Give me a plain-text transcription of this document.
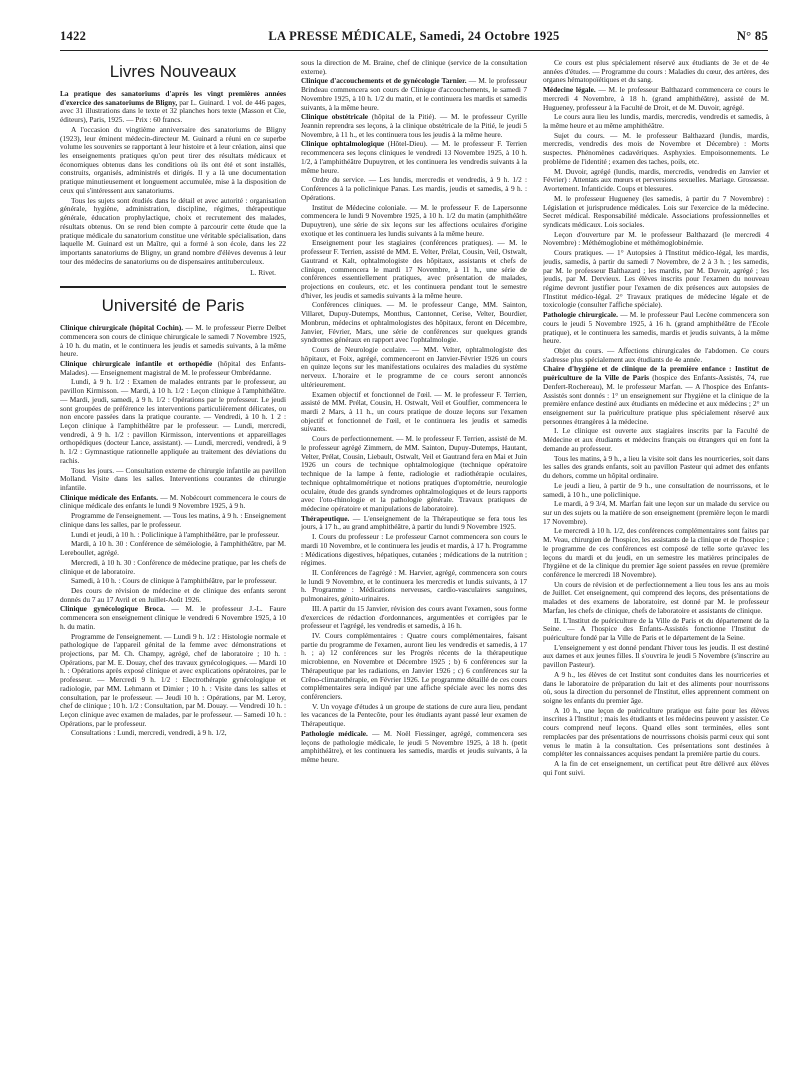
1422	LA PRESSE MÉDICALE, Samedi, 24 Octobre 1925	N° 85
Livres Nouveaux
La pratique des sanatoriums d'après les vingt premières années d'exercice des sanatoriums de Bligny, par L. Guinard. 1 vol. de 446 pages, avec 31 illustrations dans le texte et 32 planches hors texte (Masson et Cie, éditeurs), Paris, 1925. — Prix : 60 francs.
A l'occasion du vingtième anniversaire des sanatoriums de Bligny (1923), leur éminent médecin-directeur M. Guinard a réuni en ce superbe volume les souvenirs se rapportant à leur histoire et à leur création, ainsi que les enseignements pratiques qu'on peut tirer des résultats médicaux et économiques obtenus dans les conditions où ils ont été et sont installés, construits, organisés, administrés et dirigés. Il y a là une documentation pratique minutieusement et longuement accumulée, mise à la disposition de ceux qui s'intéressent aux sanatoriums.
Tous les sujets sont étudiés dans le détail et avec autorité : organisation générale, hygiène, administration, discipline, régimes, thérapeutique générale, éducation prophylactique, choix et recrutement des malades, résultats obtenus. On se rend bien compte à parcourir cette étude que la pratique médicale du sanatorium constitue une véritable spécialisation, dans laquelle M. Guinard est un Maître, qui a formé à son école, dans les 22 importants sanatoriums de Bligny, un grand nombre d'élèves devenus à leur tour des médecins de sanatoriums ou de dispensaires antituberculeux.
L. Rivet.
Université de Paris
Clinique chirurgicale (hôpital Cochin). — M. le professeur Pierre Delbet commencera son cours de clinique chirurgicale le samedi 7 Novembre 1925, à 10 h. du matin, et le continuera les jeudis et samedis suivants, à la même heure.
Clinique chirurgicale infantile et orthopédie (hôpital des Enfants-Malades). — Enseignement magistral de M. le professeur Ombrédanne.
Lundi, à 9 h. 1/2 : Examen de malades entrants par le professeur, au pavillon Kirmisson. — Mardi, à 10 h. 1/2 : Leçon clinique à l'amphithéâtre. — Mardi, jeudi, samedi, à 9 h. 1/2 : Opérations par le professeur. Le jeudi sont groupées de préférence les interventions particulièrement délicates, ou non encore passées dans la pratique courante. — Vendredi, à 10 h. 1 2 : Leçon clinique à l'amphithéâtre par le professeur. — Lundi, mercredi, vendredi, à 9 h. 1/2 : pavillon Kirmisson, interventions et appareillages orthopédiques (docteur Lance, assistant). — Lundi, mercredi, vendredi, à 9 h. 1/2 : Gymnastique rationnelle appliquée au traitement des déviations du rachis.
Tous les jours. — Consultation externe de chirurgie infantile au pavillon Molland. Visite dans les salles. Interventions courantes de chirurgie infantile.
Clinique médicale des Enfants. — M. Nobécourt commencera le cours de clinique médicale des enfants le lundi 9 Novembre 1925, à 9 h.
Programme de l'enseignement. — Tous les matins, à 9 h. : Enseignement clinique dans les salles, par le professeur.
Lundi et jeudi, à 10 h. : Policlinique à l'amphithéâtre, par le professeur.
Mardi, à 10 h. 30 : Conférence de séméiologie, à l'amphithéâtre, par M. Lereboullet, agrégé.
Mercredi, à 10 h. 30 : Conférence de médecine pratique, par les chefs de clinique et de laboratoire.
Samedi, à 10 h. : Cours de clinique à l'amphithéâtre, par le professeur.
Des cours de révision de médecine et de clinique des enfants seront donnés du 7 au 17 Avril et en Juillet-Août 1926.
Clinique gynécologique Broca. — M. le professeur J.-L. Faure commencera son enseignement clinique le vendredi 6 Novembre 1925, à 10 h. du matin.
Programme de l'enseignement. — Lundi 9 h. 1/2 : Histologie normale et pathologique de l'appareil génital de la femme avec démonstrations et projections, par M. Ch. Champy, agrégé, chef de laboratoire ; 10 h. : Opérations, par M. E. Douay, chef des travaux gynécologiques. — Mardi 10 h. : Opérations après exposé clinique et avec explications opératoires, par le professeur. — Mercredi 9 h. 1/2 : Electrothérapie gynécologique et radiologie, par MM. Lehmann et Dimier ; 10 h. : Visite dans les salles et consultation, par le professeur. — Jeudi 10 h. : Opérations, par M. Leroy, chef de clinique ; 10 h. 1/2 : Consultation, par M. Douay. — Vendredi 10 h. : Leçon clinique avec examen de malades, par le professeur. — Samedi 10 h. : Opérations, par le professeur.
Consultations : Lundi, mercredi, vendredi, à 9 h. 1/2,
sous la direction de M. Braine, chef de clinique (service de la consultation externe).
Clinique d'accouchements et de gynécologie Tarnier. — M. le professeur Brindeau commencera son cours de Clinique d'accouchements, le samedi 7 Novembre 1925, à 10 h. 1/2 du matin, et le continuera les mardis et samedis suivants, à la même heure.
Clinique obstétricale (hôpital de la Pitié). — M. le professeur Cyrille Jeannin reprendra ses leçons, à la clinique obstétricale de la Pitié, le jeudi 5 Novembre, à 11 h., et les continuera tous les jeudis à la même heure.
Clinique ophtalmologique (Hôtel-Dieu). — M. le professeur F. Terrien recommencera ses leçons cliniques le vendredi 13 Novembre 1925, à 10 h. 1/2, à l'amphithéâtre Dupuytren, et les continuera les vendredis suivants à la même heure.
Ordre du service. — Les lundis, mercredis et vendredis, à 9 h. 1/2 : Conférences à la policlinique Panas. Les mardis, jeudis et samedis, à 9 h. : Opérations.
Institut de Médecine coloniale. — M. le professeur F. de Lapersonne commencera le lundi 9 Novembre 1925, à 10 h. 1/2 du matin (amphithéâtre Dupuytren), une série de six leçons sur les affections oculaires d'origine exotique et les continuera les lundis suivants à la même heure.
Enseignement pour les stagiaires (conférences pratiques). — M. le professeur F. Terrien, assisté de MM. E. Velter, Prélat, Cousin, Veil, Ostwalt, Gautrand et Kalt, ophtalmologiste des hôpitaux, assistants et chefs de clinique, commencera le mardi 17 Novembre, à 11 h., une série de conférences essentiellement pratiques, avec présentation de malades, projections en couleurs, etc. et les continuera pendant tout le semestre d'hiver, les jeudis et samedis suivants à la même heure.
Conférences cliniques. — M. le professeur Cange, MM. Sainton, Villaret, Dupuy-Dutemps, Monthus, Cantonnet, Cerise, Velter, Bourdier, Monbrun, médecins et ophtalmologistes des hôpitaux, feront en Décembre, Janvier, Février, Mars, une série de conférences sur quelques grands syndromes généraux en rapport avec l'ophtalmologie.
Cours de Neurologie oculaire. — MM. Velter, ophtalmologiste des hôpitaux, et Foix, agrégé, commenceront en Janvier-Février 1926 un cours en quinze leçons sur les manifestations oculaires des maladies du système nerveux. L'horaire et le programme de ce cours seront annoncés ultérieurement.
Examen objectif et fonctionnel de l'œil. — M. le professeur F. Terrien, assisté de MM. Prélat, Cousin, H. Ostwalt, Veil et Goulfier, commencera le mardi 2 Mars, à 11 h., un cours pratique de douze leçons sur l'examen objectif et fonctionnel de l'œil, et le continuera les jeudis et samedis suivants.
Cours de perfectionnement. — M. le professeur F. Terrien, assisté de M. le professeur agrégé Zimmern, de MM. Sainton, Dupuy-Dutemps, Hautant, Velter, Prélat, Cousin, Liebault, Ostwalt, Veil et Gautrand fera en Mai et Juin 1926 un cours de technique ophtalmologique (technique opératoire technique de la lampe à fente, radiologie et radiothérapie oculaires, technique ophtalmométrique et notions pratiques d'optométrie, neurologie oculaire, étude des grands syndromes ophtalmologiques et de leurs rapports avec l'oto-rhinologie et la pathologie générale. Travaux pratiques de médecine opératoire et manipulations de laboratoire).
Thérapeutique. — L'enseignement de la Thérapeutique se fera tous les jours, à 17 h., au grand amphithéâtre, à partir du lundi 9 Novembre 1925.
I. Cours du professeur : Le professeur Carnot commencera son cours le mardi 10 Novembre, et le continuera les jeudis et mardis, à 17 h. Programme : Médications digestives, hépatiques, cutanées ; médications de la nutrition ; régimes.
II. Conférences de l'agrégé : M. Harvier, agrégé, commencera son cours le lundi 9 Novembre, et le continuera les mercredis et lundis suivants, à 17 h. Programme : Médications nerveuses, cardio-vasculaires sanguines, pulmonaires, génito-urinaires.
III. A partir du 15 Janvier, révision des cours avant l'examen, sous forme d'exercices de rédaction d'ordonnances, argumentées et corrigées par le professeur et l'agrégé, les vendredis et samedis, à 16 h.
IV. Cours complémentaires : Quatre cours complémentaires, faisant partie du programme de l'examen, auront lieu les vendredis et samedis, à 17 h. ; a) 12 conférences sur les Progrès récents de la thérapeutique microbienne, en Novembre et Décembre 1925 ; b) 6 conférences sur la Thérapeutique par les radiations, en Janvier 1926 ; c) 6 conférences sur la Crêno-climatothérapie, en Février 1926. Le programme détaillé de ces cours complémentaires sera indiqué par une affiche spéciale avec les noms des conférenciers.
V. Un voyage d'études à un groupe de stations de cure aura lieu, pendant les vacances de la Pentecôte, pour les étudiants ayant passé leur examen de Thérapeutique.
Pathologie médicale. — M. Noël Fiessinger, agrégé, commencera ses leçons de pathologie médicale, le jeudi 5 Novembre 1925, à 18 h. (petit amphithéâtre), et les continuera les samedis, mardis et jeudis suivants, à la même heure.
Ce cours est plus spécialement réservé aux étudiants de 3e et de 4e années d'études. — Programme du cours : Maladies du cœur, des artères, des organes hématopoïétiques et du sang.
Médecine légale. — M. le professeur Balthazard commencera ce cours le mercredi 4 Novembre, à 18 h. (grand amphithéâtre), assisté de M. Hugueney, professeur à la Faculté de Droit, et de M. Duvoir, agrégé.
Le cours aura lieu les lundis, mardis, mercredis, vendredis et samedis, à la même heure et au même amphithéâtre.
Sujet du cours. — M. le professeur Balthazard (lundis, mardis, mercredis, vendredis des mois de Novembre et Décembre) : Morts suspectes. Phénomènes cadavériques. Asphyxies. Empoisonnements. Le problème de l'identité ; examen des taches, poils, etc.
M. Duvoir, agrégé (lundis, mardis, mercredis, vendredis en Janvier et Février) : Attentats aux mœurs et perversions sexuelles. Mariage. Grossesse. Avortement. Infanticide. Coups et blessures.
M. le professeur Hugueney (les samedis, à partir du 7 Novembre) : Législation et jurisprudence médicales. Lois sur l'exercice de la médecine. Secret médical. Responsabilité médicale. Associations professionnelles et syndicats médicaux. Lois sociales.
Leçon d'ouverture par M. le professeur Balthazard (le mercredi 4 Novembre) : Méthémoglobine et méthémoglobinémie.
Cours pratiques. — 1° Autopsies à l'Institut médico-légal, les mardis, jeudis, samedis, à partir du samedi 7 Novembre, de 2 à 3 h. ; les samedis, par M. le professeur Balthazard ; les mardis, par M. Duvoir, agrégé ; les jeudis, par M. Dervieux. Les élèves inscrits pour l'examen du nouveau régime devront justifier pour l'examen de dix présences aux autopsies de l'Institut médico-légal. 2° Travaux pratiques de médecine légale et de toxicologie (consulter l'affiche spéciale).
Pathologie chirurgicale. — M. le professeur Paul Lecène commencera son cours le jeudi 5 Novembre 1925, à 16 h. (grand amphithéâtre de l'Ecole pratique), et le continuera les samedis, mardis et jeudis suivants, à la même heure.
Objet du cours. — Affections chirurgicales de l'abdomen. Ce cours s'adresse plus spécialement aux étudiants de 4e année.
Chaire d'hygiène et de clinique de la première enfance : Institut de puériculture de la Ville de Paris (hospice des Enfants-Assistés, 74, rue Denfert-Rochereau), M. le professeur Marfan. — A l'hospice des Enfants-Assistés sont donnés : 1° un enseignement sur l'hygiène et la clinique de la première enfance destiné aux étudiants en médecine et aux médecins ; 2° un enseignement sur la puériculture pratique plus spécialement réservé aux personnes étrangères à la médecine.
I. Le clinique est ouverte aux stagiaires inscrits par la Faculté de Médecine et aux étudiants et médecins français ou étrangers qui en font la demande au professeur.
Tous les matins, à 9 h., a lieu la visite soit dans les nourriceries, soit dans les salles des grands enfants, soit au pavillon Pasteur qui admet des enfants du dehors, comme un hôpital ordinaire.
Le jeudi a lieu, à partir de 9 h., une consultation de nourrissons, et le samedi, à 10 h., une policlinique.
Le mardi, à 9 3/4, M. Marfan fait une leçon sur un malade du service ou sur un des sujets ou la matière de son enseignement (première leçon le mardi 17 Novembre).
Le mercredi à 10 h. 1/2, des conférences complémentaires sont faites par M. Veau, chirurgien de l'hospice, les assistants de la clinique et de l'hospice ; le programme de ces conférences est composé de telle sorte qu'avec les leçons du mardi et du jeudi, en un semestre les matières principales de l'hygiène et de la clinique du premier âge soient passées en revue (première conférence le mercredi 18 Novembre).
Un cours de révision et de perfectionnement a lieu tous les ans au mois de Juillet. Cet enseignement, qui comprend des leçons, des présentations de malades et des examens de laboratoire, est donné par M. le professeur Marfan, les chefs de clinique, chefs de laboratoire et assistants de clinique.
II. L'Institut de puériculture de la Ville de Paris et du département de la Seine. — A l'hospice des Enfants-Assistés fonctionne l'Institut de puériculture fondé par la Ville de Paris et le département de la Seine.
L'enseignement y est donné pendant l'hiver tous les jeudis. Il est destiné aux dames et aux jeunes filles. Il s'ouvrira le jeudi 5 Novembre (s'inscrire au pavillon Pasteur).
A 9 h., les élèves de cet Institut sont conduites dans les nourriceries et dans le laboratoire de préparation du lait et des aliments pour nourrissons où, sous la direction du personnel de l'Institut, elles apprennent comment on soigne les enfants du premier âge.
A 10 h., une leçon de puériculture pratique est faite pour les élèves inscrites à l'Institut ; mais les étudiants et les médecins peuvent y assister. Ce cours comprend neuf leçons. Quand elles sont terminées, elles sont remplacées par des présentations de nourrissons choisis parmi ceux qui sont venus le matin à la consultation. Ces présentations sont destinées à compléter les connaissances acquises pendant la première partie du cours.
A la fin de cet enseignement, un certificat peut être délivré aux élèves qui l'ont suivi.
